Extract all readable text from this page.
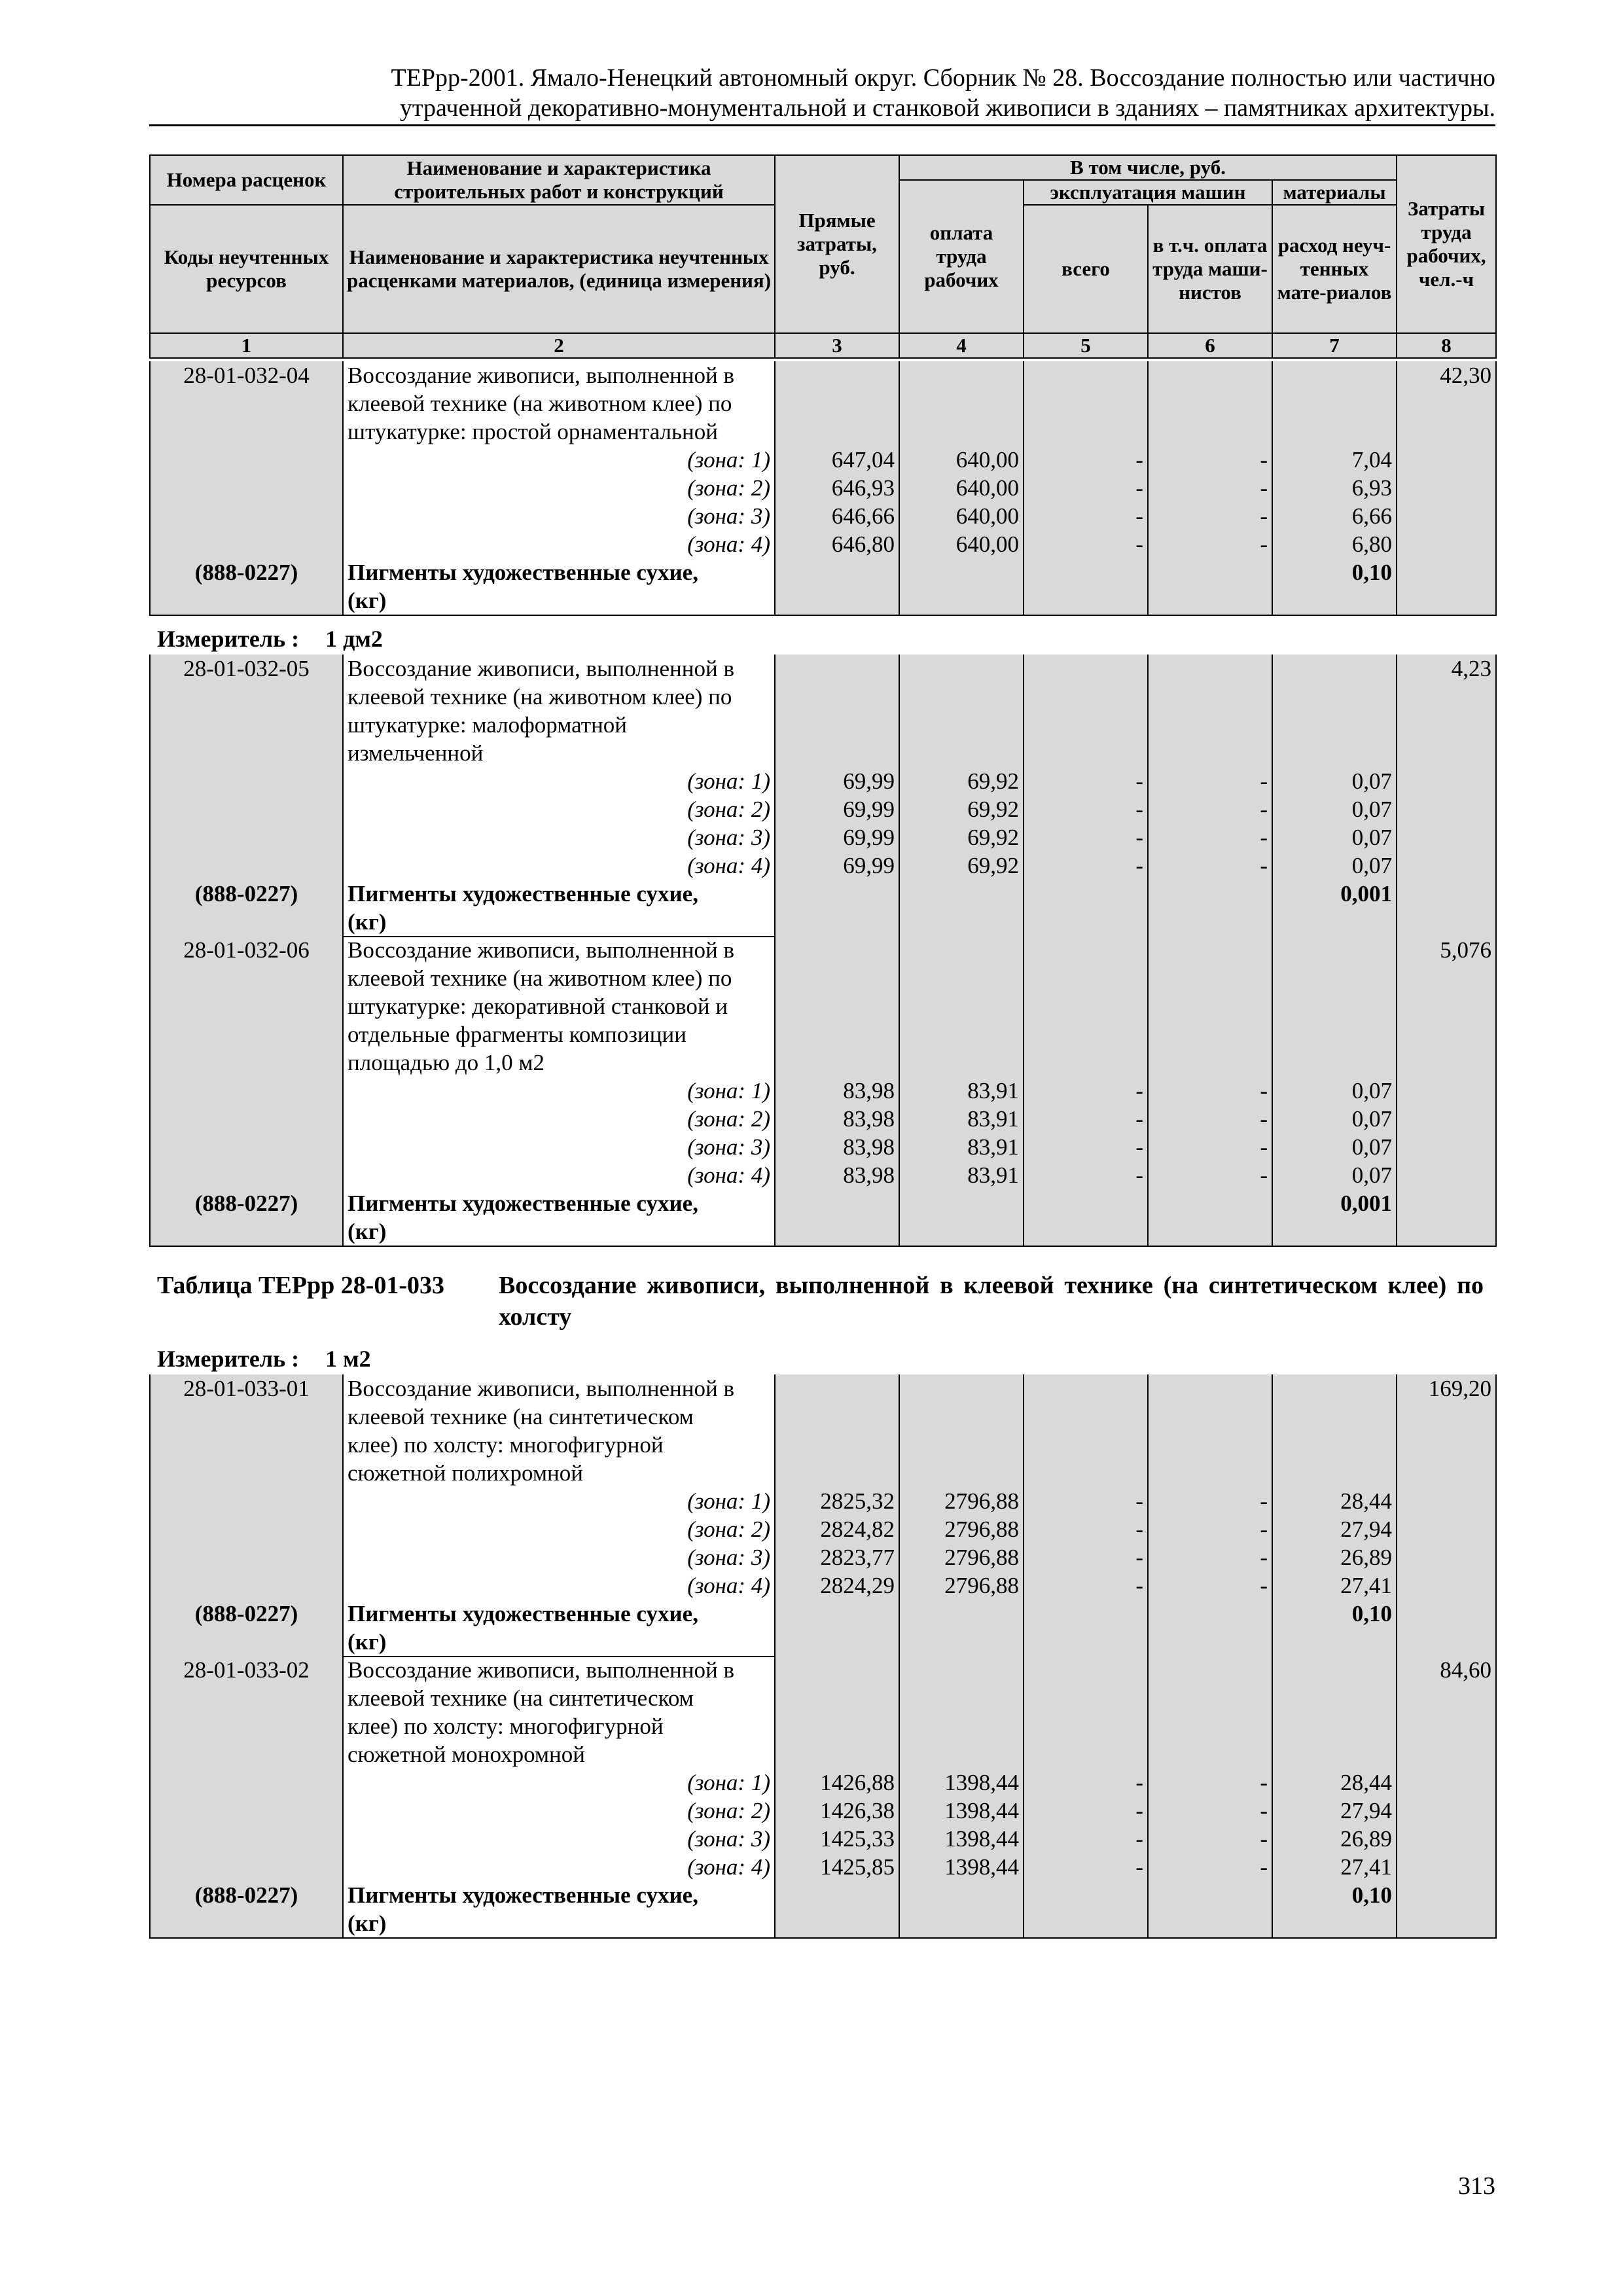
ТЕРрр-2001. Ямало-Ненецкий автономный округ. Сборник № 28. Воссоздание полностью или частично
утраченной декоративно-монументальной и станковой живописи в зданиях – памятниках архитектуры.
Номера расценок	Наименование и характеристика строительных работ и конструкций	Прямые затраты, руб.	В том числе, руб.				Затраты труда рабочих, чел.-ч
			оплата труда рабочих	эксплуатация машин		материалы	
Коды неучтенных ресурсов	Наименование и характеристика неучтенных расценками материалов, (единица измерения)			всего	в т.ч. оплата труда маши-нистов	расход неуч-тенных мате-риалов	
1	2	3	4	5	6	7	8
28-01-032-04	Воссоздание живописи, выполненной в						42,30
	клеевой технике (на животном клее) по						
	штукатурке: простой орнаментальной						
	(зона: 1)	647,04	640,00	-	-	7,04	
	(зона: 2)	646,93	640,00	-	-	6,93	
	(зона: 3)	646,66	640,00	-	-	6,66	
	(зона: 4)	646,80	640,00	-	-	6,80	
(888-0227)	Пигменты художественные сухие,					0,10	
	(кг)						
Измеритель : 1 дм2
28-01-032-05	Воссоздание живописи, выполненной в						4,23
	клеевой технике (на животном клее) по						
	штукатурке: малоформатной						
	измельченной						
	(зона: 1)	69,99	69,92	-	-	0,07	
	(зона: 2)	69,99	69,92	-	-	0,07	
	(зона: 3)	69,99	69,92	-	-	0,07	
	(зона: 4)	69,99	69,92	-	-	0,07	
(888-0227)	Пигменты художественные сухие,					0,001	
	(кг)						
28-01-032-06	Воссоздание живописи, выполненной в						5,076
	клеевой технике (на животном клее) по						
	штукатурке: декоративной станковой и						
	отдельные фрагменты композиции						
	площадью до 1,0 м2						
	(зона: 1)	83,98	83,91	-	-	0,07	
	(зона: 2)	83,98	83,91	-	-	0,07	
	(зона: 3)	83,98	83,91	-	-	0,07	
	(зона: 4)	83,98	83,91	-	-	0,07	
(888-0227)	Пигменты художественные сухие,					0,001	
	(кг)						
Таблица ТЕРрр 28-01-033 Воссоздание живописи, выполненной в клеевой технике (на синтетическом клее) по холсту
Измеритель : 1 м2
28-01-033-01	Воссоздание живописи, выполненной в						169,20
	клеевой технике (на синтетическом						
	клее) по холсту: многофигурной						
	сюжетной полихромной						
	(зона: 1)	2825,32	2796,88	-	-	28,44	
	(зона: 2)	2824,82	2796,88	-	-	27,94	
	(зона: 3)	2823,77	2796,88	-	-	26,89	
	(зона: 4)	2824,29	2796,88	-	-	27,41	
(888-0227)	Пигменты художественные сухие,					0,10	
	(кг)						
28-01-033-02	Воссоздание живописи, выполненной в						84,60
	клеевой технике (на синтетическом						
	клее) по холсту: многофигурной						
	сюжетной монохромной						
	(зона: 1)	1426,88	1398,44	-	-	28,44	
	(зона: 2)	1426,38	1398,44	-	-	27,94	
	(зона: 3)	1425,33	1398,44	-	-	26,89	
	(зона: 4)	1425,85	1398,44	-	-	27,41	
(888-0227)	Пигменты художественные сухие,					0,10	
	(кг)						
313
